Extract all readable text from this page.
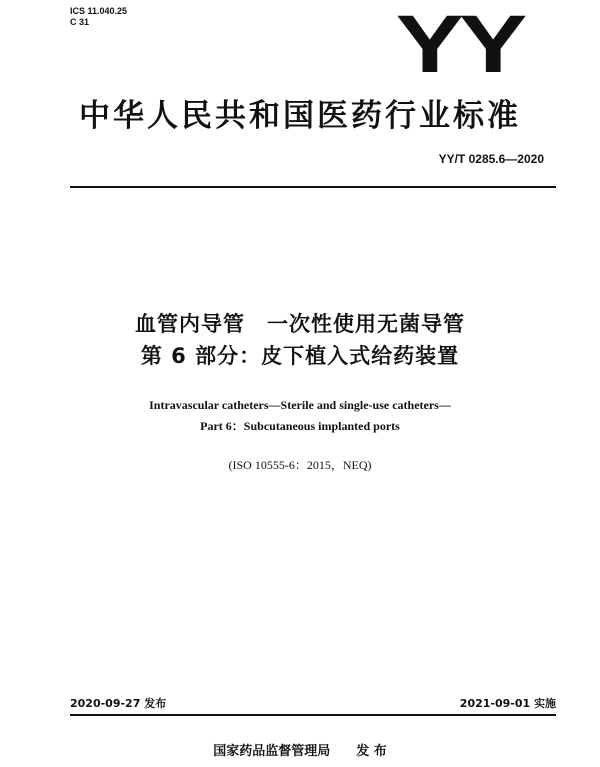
ICS 11.040.25
C 31	YY
中华人民共和国医药行业标准
YY/T 0285.6—2020
血管内导管　一次性使用无菌导管
第 6 部分：皮下植入式给药装置
Intravascular catheters—Sterile and single-use catheters—
Part 6：Subcutaneous implanted ports
(ISO 10555-6：2015，NEQ)
2020-09-27 发布	2021-09-01 实施
国家药品监督管理局 发 布
